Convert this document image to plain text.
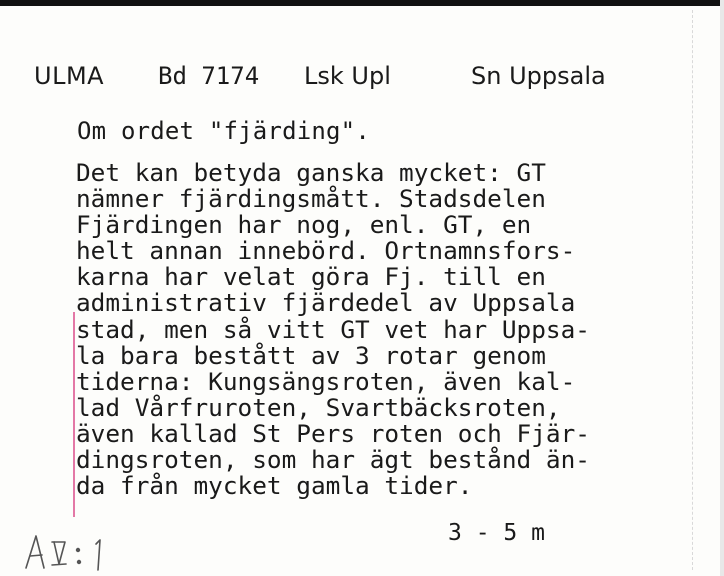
ULMA

Bd 7174

Lsk Upl

	Sn Uppsala

Om ordet "fjärding".
Det kan betyda ganska mycket: GT
nämner fjärdingsmått. Stadsdelen
Fjärdingen har nog, enl. GT, en
helt annan innebörd. Ortnamnsfors-
karna har velat göra Fj. till en
administrativ fjärdedel av Uppsala
stad, men så vitt GT vet har Uppsa-
la bara bestått av 3 rotar genom
tiderna: Kungsängsroten, även kal-
lad Vårfruroten, Svartbäcksroten,
även kallad St Pers roten och Fjär-
dingsroten, som har ägt bestånd än-
da från mycket gamla tider.
3 - 5 m
